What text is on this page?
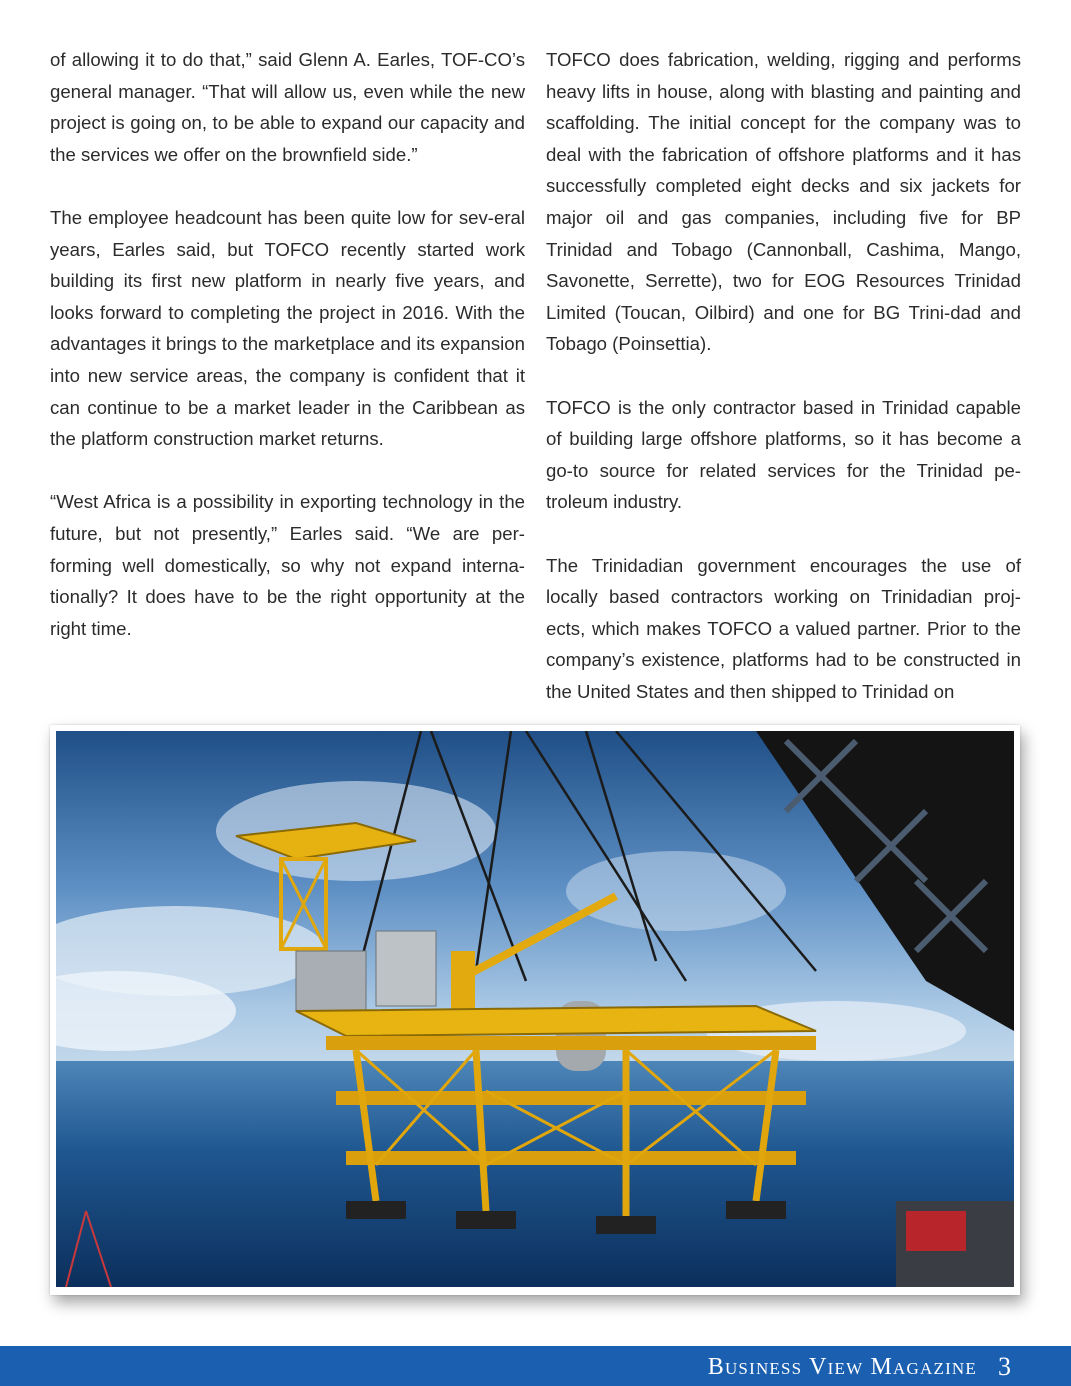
of allowing it to do that,” said Glenn A. Earles, TOF-CO’s general manager. “That will allow us, even while the new project is going on, to be able to expand our capacity and the services we offer on the brownfield side.”

The employee headcount has been quite low for sev-eral years, Earles said, but TOFCO recently started work building its first new platform in nearly five years, and looks forward to completing the project in 2016. With the advantages it brings to the marketplace and its expansion into new service areas, the company is confident that it can continue to be a market leader in the Caribbean as the platform construction market returns.

“West Africa is a possibility in exporting technology in the future, but not presently,” Earles said. “We are per-forming well domestically, so why not expand interna-tionally? It does have to be the right opportunity at the right time.

TOFCO does fabrication, welding, rigging and performs heavy lifts in house, along with blasting and painting and scaffolding. The initial concept for the company was to deal with the fabrication of offshore platforms and it has successfully completed eight decks and six jackets for major oil and gas companies, including five for BP Trinidad and Tobago (Cannonball, Cashima, Mango, Savonette, Serrette), two for EOG Resources Trinidad Limited (Toucan, Oilbird) and one for BG Trini-dad and Tobago (Poinsettia).

TOFCO is the only contractor based in Trinidad capable of building large offshore platforms, so it has become a go-to source for related services for the Trinidad pe-troleum industry.

The Trinidadian government encourages the use of locally based contractors working on Trinidadian proj-ects, which makes TOFCO a valued partner. Prior to the company’s existence, platforms had to be constructed in the United States and then shipped to Trinidad on

Business View Magazine 3
